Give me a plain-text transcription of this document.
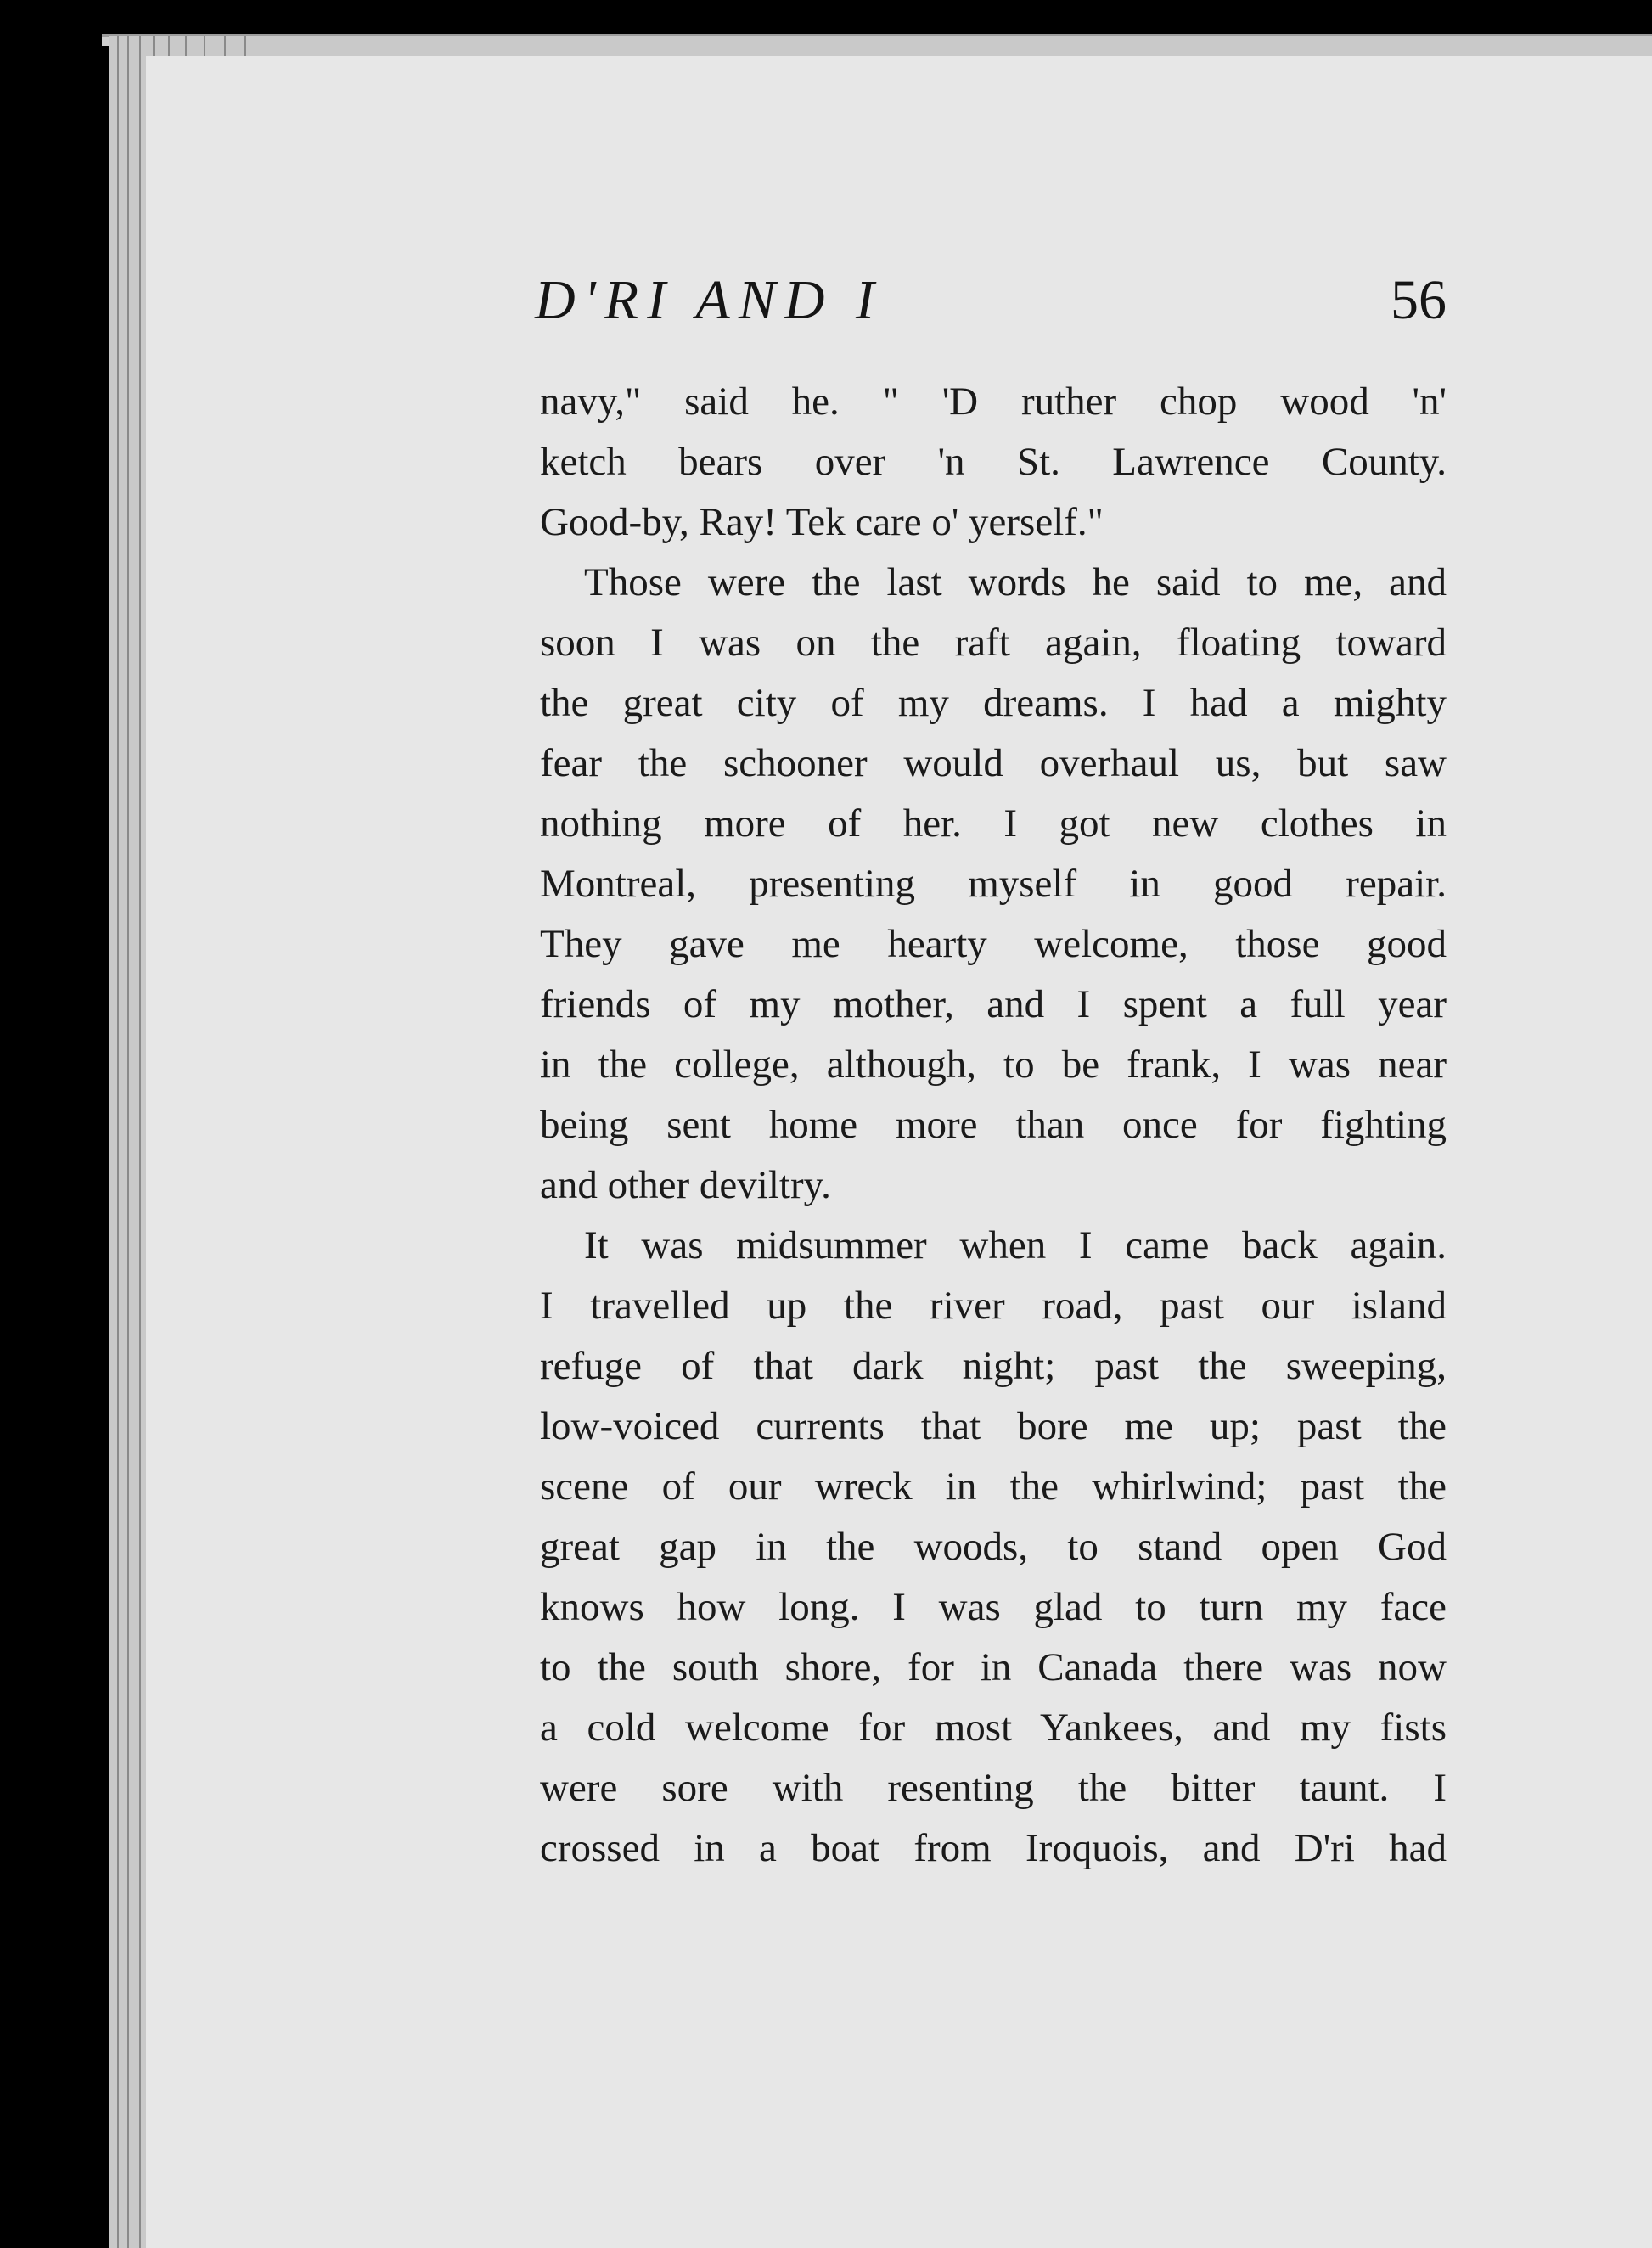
D'RI AND I	56
navy," said he. " 'D ruther chop wood 'n'
ketch bears over 'n St. Lawrence County.
Good-by, Ray! Tek care o' yerself."
Those were the last words he said to me, and
soon I was on the raft again, floating toward
the great city of my dreams. I had a mighty
fear the schooner would overhaul us, but saw
nothing more of her. I got new clothes in
Montreal, presenting myself in good repair.
They gave me hearty welcome, those good
friends of my mother, and I spent a full year
in the college, although, to be frank, I was near
being sent home more than once for fighting
and other deviltry.
It was midsummer when I came back again.
I travelled up the river road, past our island
refuge of that dark night; past the sweeping,
low-voiced currents that bore me up; past the
scene of our wreck in the whirlwind; past the
great gap in the woods, to stand open God
knows how long. I was glad to turn my face
to the south shore, for in Canada there was now
a cold welcome for most Yankees, and my fists
were sore with resenting the bitter taunt. I
crossed in a boat from Iroquois, and D'ri had
